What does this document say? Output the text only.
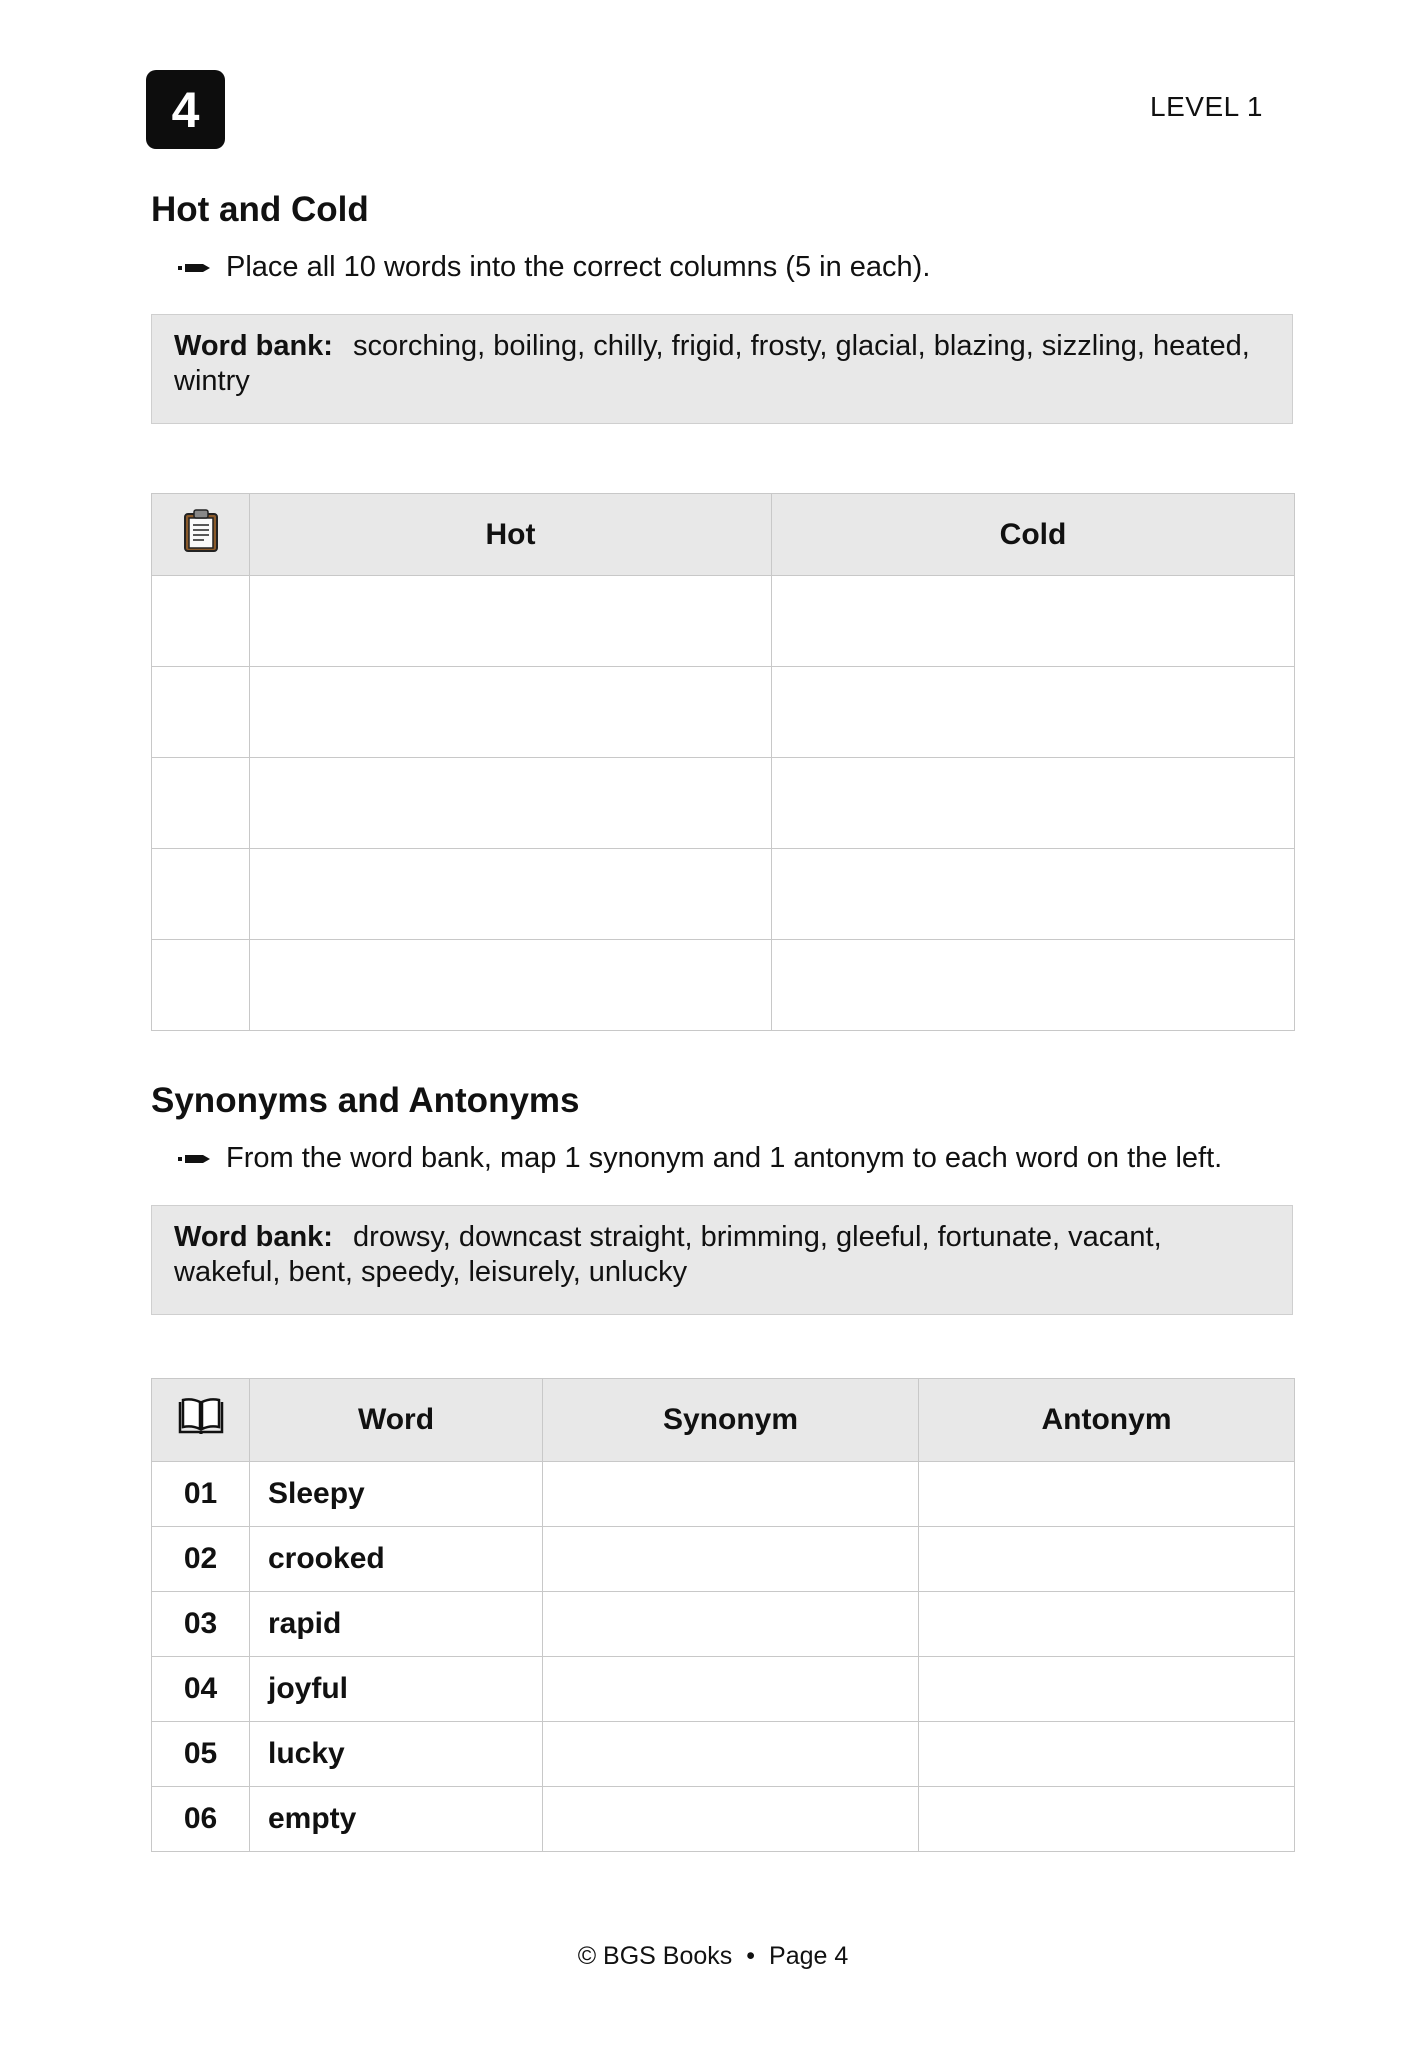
4	LEVEL 1
Hot and Cold
Place all 10 words into the correct columns (5 in each).
Word bank: scorching, boiling, chilly, frigid, frosty, glacial, blazing, sizzling, heated, wintry
	Hot	Cold

Synonyms and Antonyms
From the word bank, map 1 synonym and 1 antonym to each word on the left.
Word bank: drowsy, downcast straight, brimming, gleeful, fortunate, vacant, wakeful, bent, speedy, leisurely, unlucky
	Word	Synonym	Antonym
01	Sleepy		
02	crooked		
03	rapid		
04	joyful		
05	lucky		
06	empty		
© BGS Books • Page 4
